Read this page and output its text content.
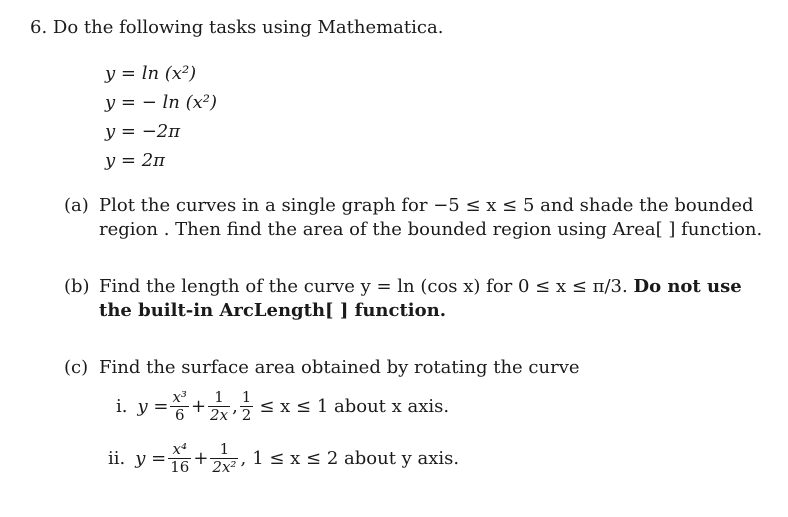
6. Do the following tasks using Mathematica.
y = ln (x²)
y = − ln (x²)
y = −2π
y = 2π
(a) Plot the curves in a single graph for −5 ≤ x ≤ 5 and shade the bounded
region . Then find the area of the bounded region using Area[ ] function.
(b) Find the length of the curve y = ln (cos x) for 0 ≤ x ≤ π/3. Do not use
the built-in ArcLength[ ] function.
(c) Find the surface area obtained by rotating the curve
i. $y = \frac{\text{x³}}{6} + \frac{1}{2x}$ , $\frac{1}{2} \le x \le 1$ about x axis.
ii. $y = \frac{\text{x⁴}}{16} + \frac{1}{\text{2x²}}$ , 1 ≤ x ≤ 2 about y axis.
